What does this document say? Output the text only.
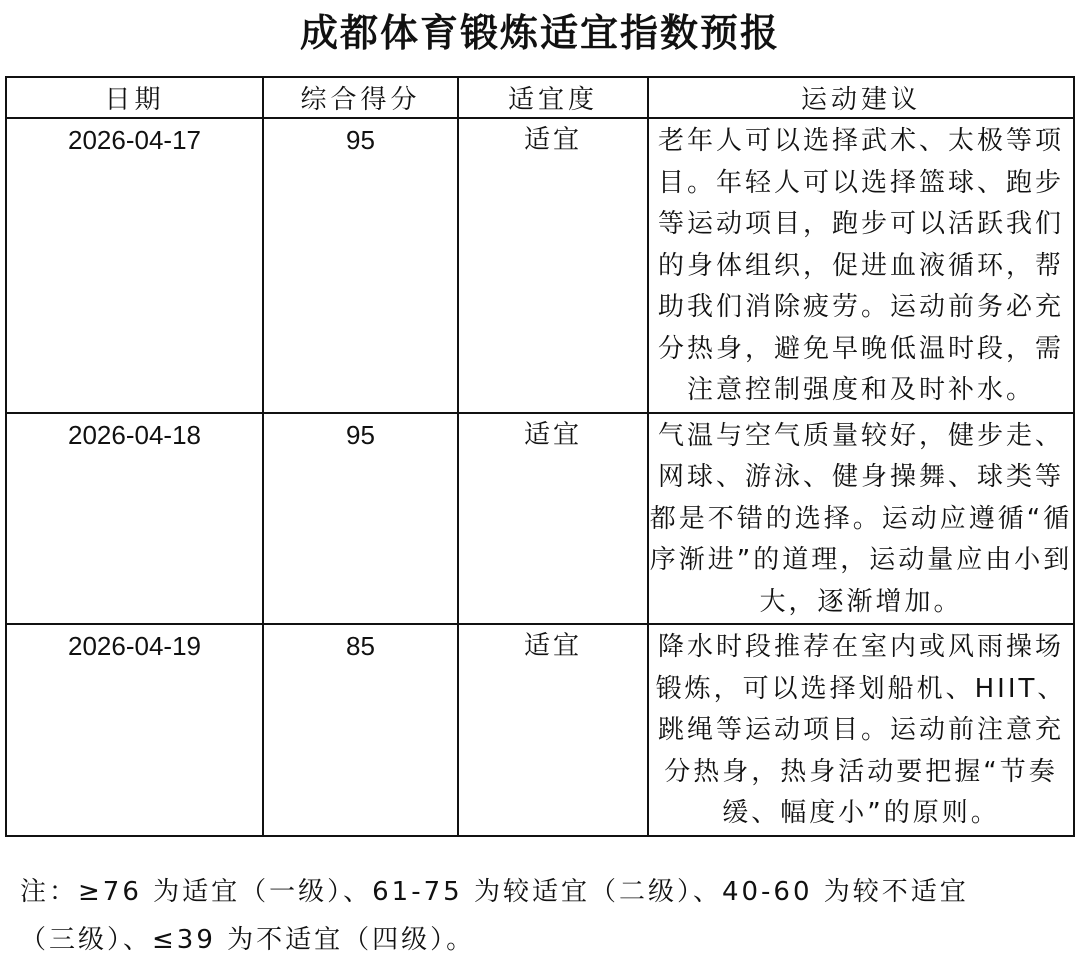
成都体育锻炼适宜指数预报
日期	综合得分	适宜度	运动建议
2026-04-17	95	适宜	老年人可以选择武术、太极等项目。年轻人可以选择篮球、跑步等运动项目，跑步可以活跃我们的身体组织，促进血液循环，帮助我们消除疲劳。运动前务必充分热身，避免早晚低温时段，需注意控制强度和及时补水。
2026-04-18	95	适宜	气温与空气质量较好，健步走、网球、游泳、健身操舞、球类等都是不错的选择。运动应遵循“循序渐进”的道理，运动量应由小到大，逐渐增加。
2026-04-19	85	适宜	降水时段推荐在室内或风雨操场锻炼，可以选择划船机、HIIT、跳绳等运动项目。运动前注意充分热身，热身活动要把握“节奏缓、幅度小”的原则。
注：≥76 为适宜（一级）、61-75 为较适宜（二级）、40-60 为较不适宜（三级）、≤39 为不适宜（四级）。
